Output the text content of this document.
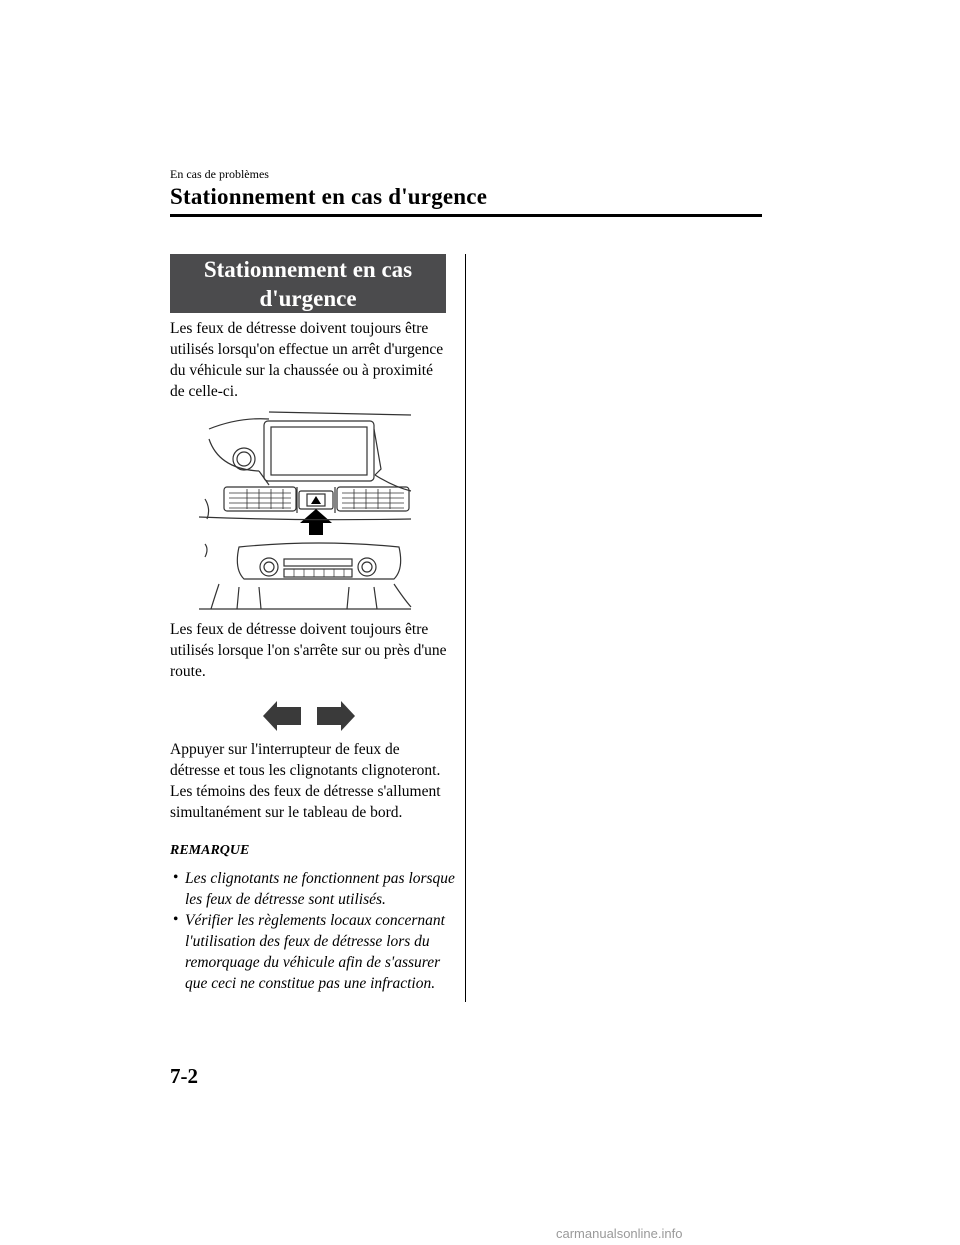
En cas de problèmes
Stationnement en cas d'urgence
Stationnement en cas
d'urgence
Les feux de détresse doivent toujours être utilisés lorsqu'on effectue un arrêt d'urgence du véhicule sur la chaussée ou à proximité de celle-ci.
Les feux de détresse doivent toujours être utilisés lorsque l'on s'arrête sur ou près d'une route.
Appuyer sur l'interrupteur de feux de détresse et tous les clignotants clignoteront. Les témoins des feux de détresse s'allument simultanément sur le tableau de bord.
REMARQUE
• Les clignotants ne fonctionnent pas lorsque les feux de détresse sont utilisés.
• Vérifier les règlements locaux concernant l'utilisation des feux de détresse lors du remorquage du véhicule afin de s'assurer que ceci ne constitue pas une infraction.
7-2
carmanualsonline.info
